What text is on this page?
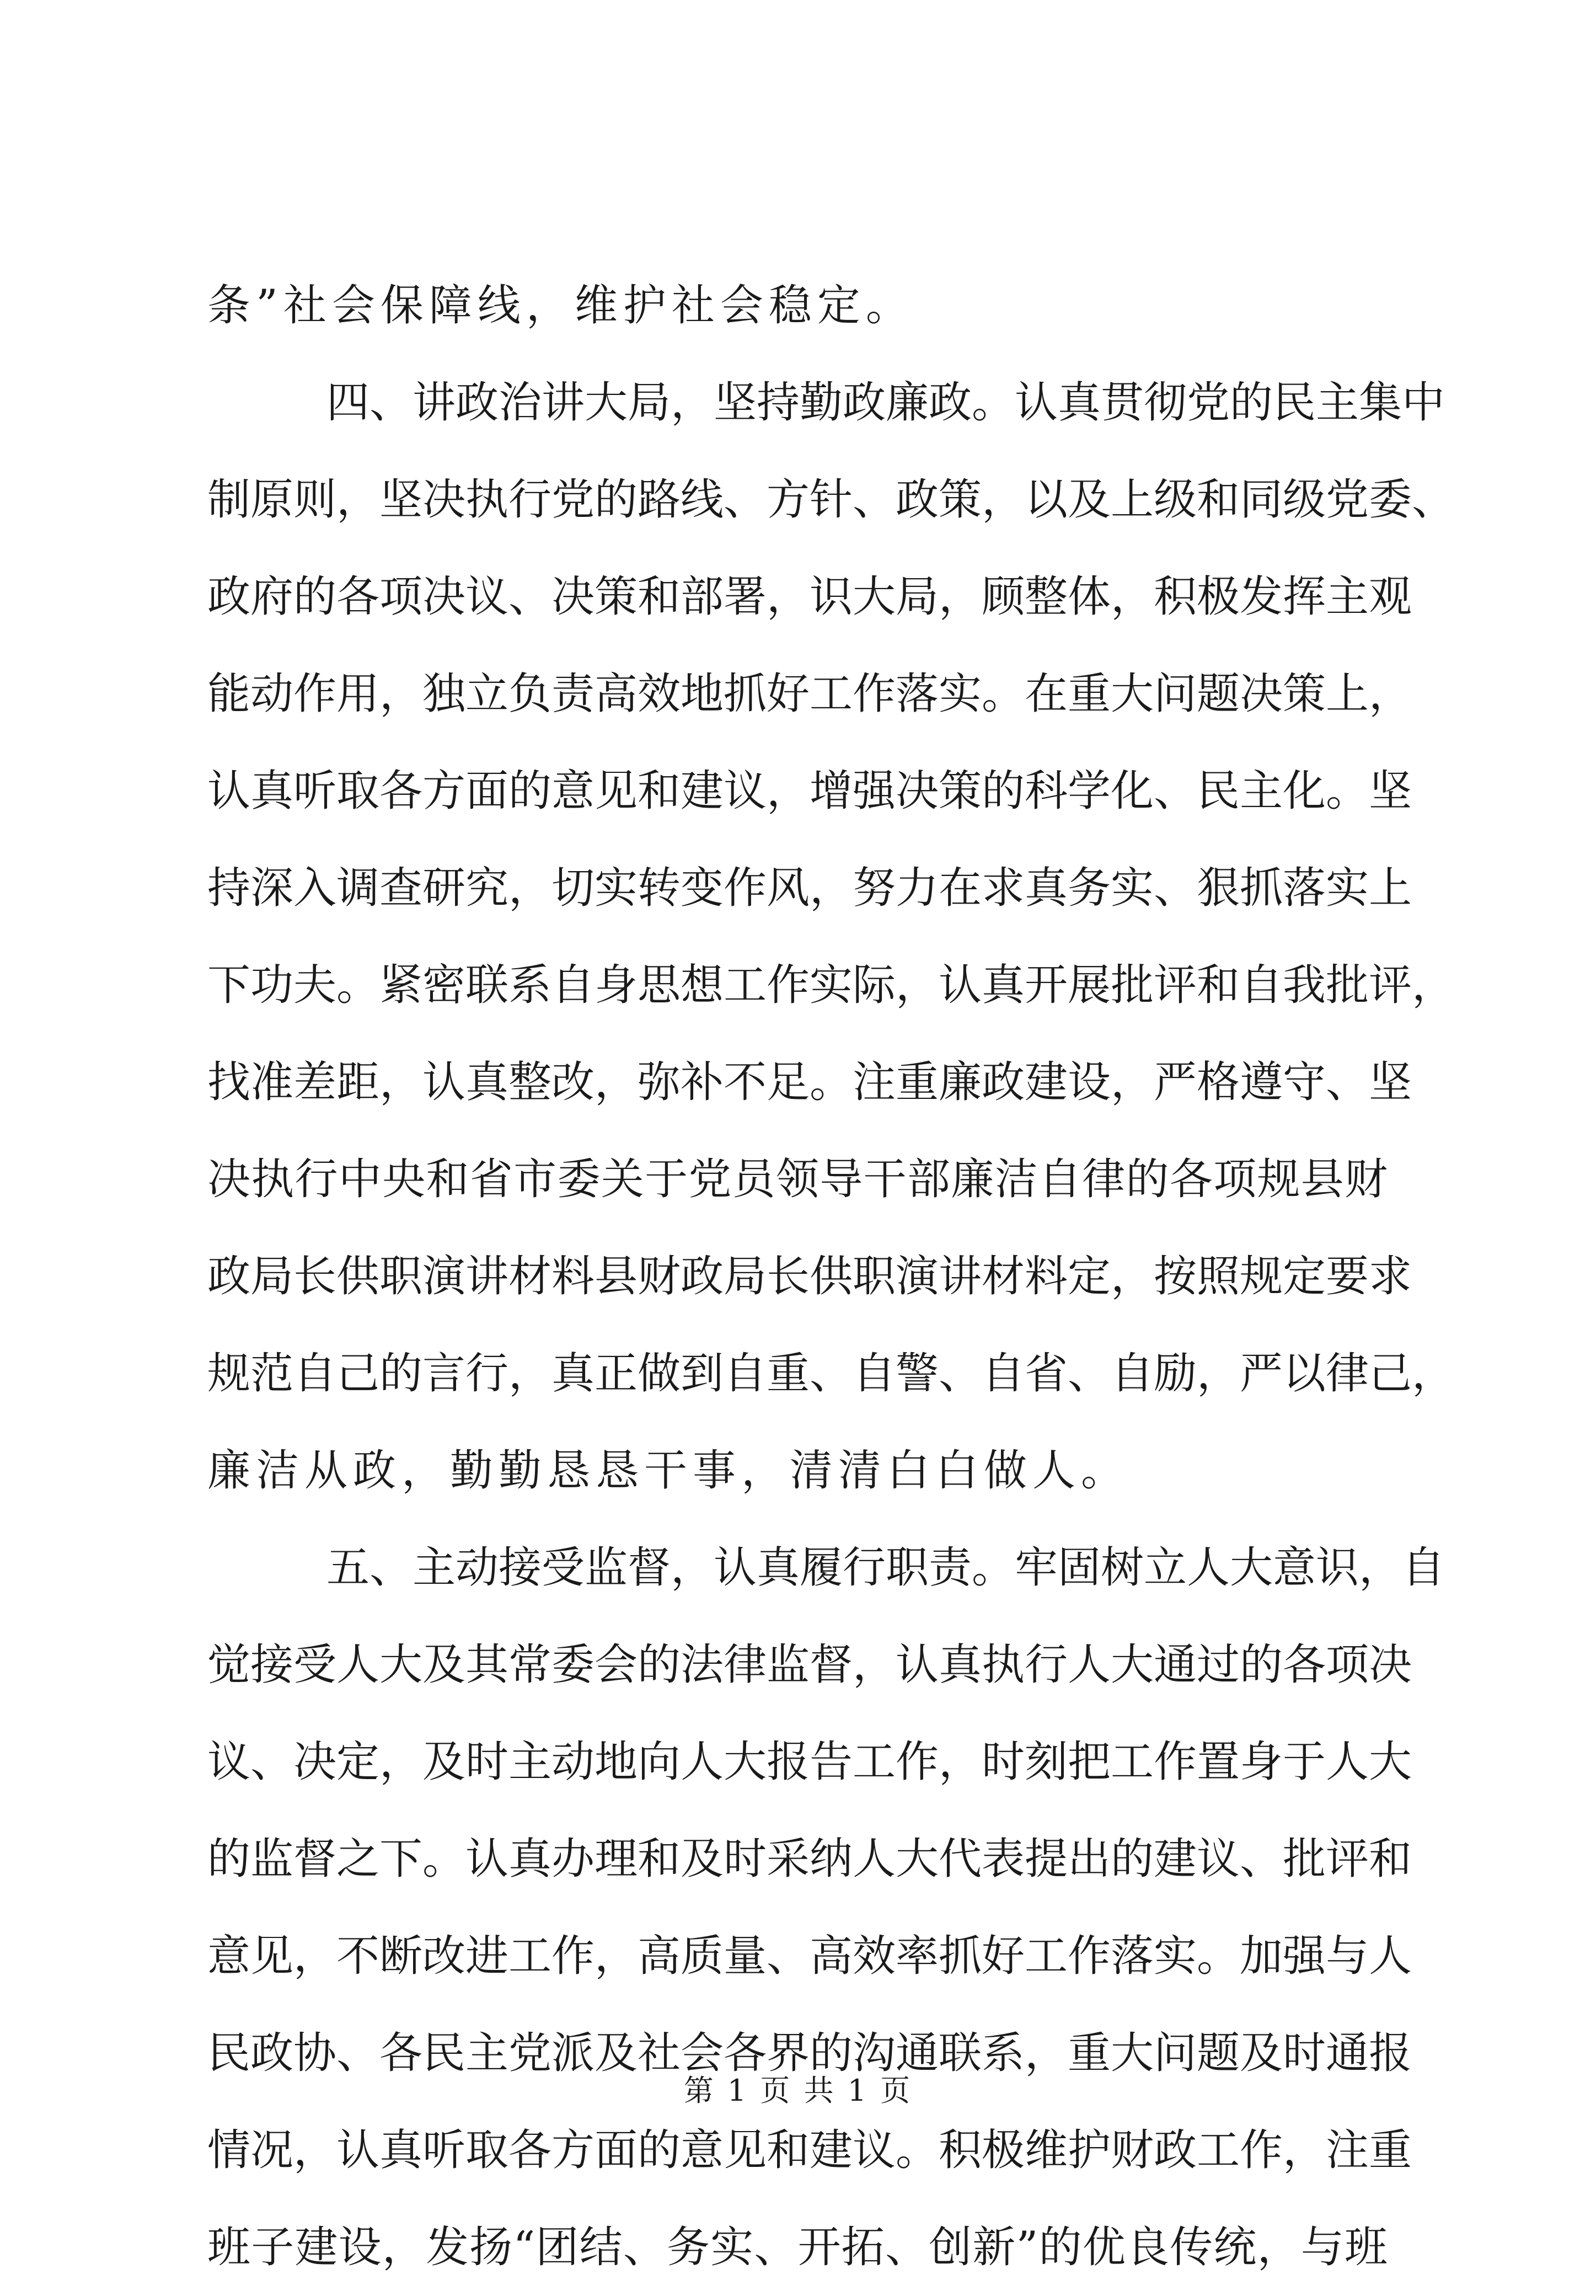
条”社会保障线，维护社会稳定。
四、讲政治讲大局，坚持勤政廉政。认真贯彻党的民主集中
制原则，坚决执行党的路线、方针、政策，以及上级和同级党委、
政府的各项决议、决策和部署，识大局，顾整体，积极发挥主观
能动作用，独立负责高效地抓好工作落实。在重大问题决策上，
认真听取各方面的意见和建议，增强决策的科学化、民主化。坚
持深入调查研究，切实转变作风，努力在求真务实、狠抓落实上
下功夫。紧密联系自身思想工作实际，认真开展批评和自我批评，
找准差距，认真整改，弥补不足。注重廉政建设，严格遵守、坚
决执行中央和省市委关于党员领导干部廉洁自律的各项规县财
政局长供职演讲材料县财政局长供职演讲材料定，按照规定要求
规范自己的言行，真正做到自重、自警、自省、自励，严以律己，
廉洁从政，勤勤恳恳干事，清清白白做人。
五、主动接受监督，认真履行职责。牢固树立人大意识，自
觉接受人大及其常委会的法律监督，认真执行人大通过的各项决
议、决定，及时主动地向人大报告工作，时刻把工作置身于人大
的监督之下。认真办理和及时采纳人大代表提出的建议、批评和
意见，不断改进工作，高质量、高效率抓好工作落实。加强与人
民政协、各民主党派及社会各界的沟通联系，重大问题及时通报
情况，认真听取各方面的意见和建议。积极维护财政工作，注重
班子建设，发扬“团结、务实、开拓、创新”的优良传统，与班
第 1 页 共 1 页
